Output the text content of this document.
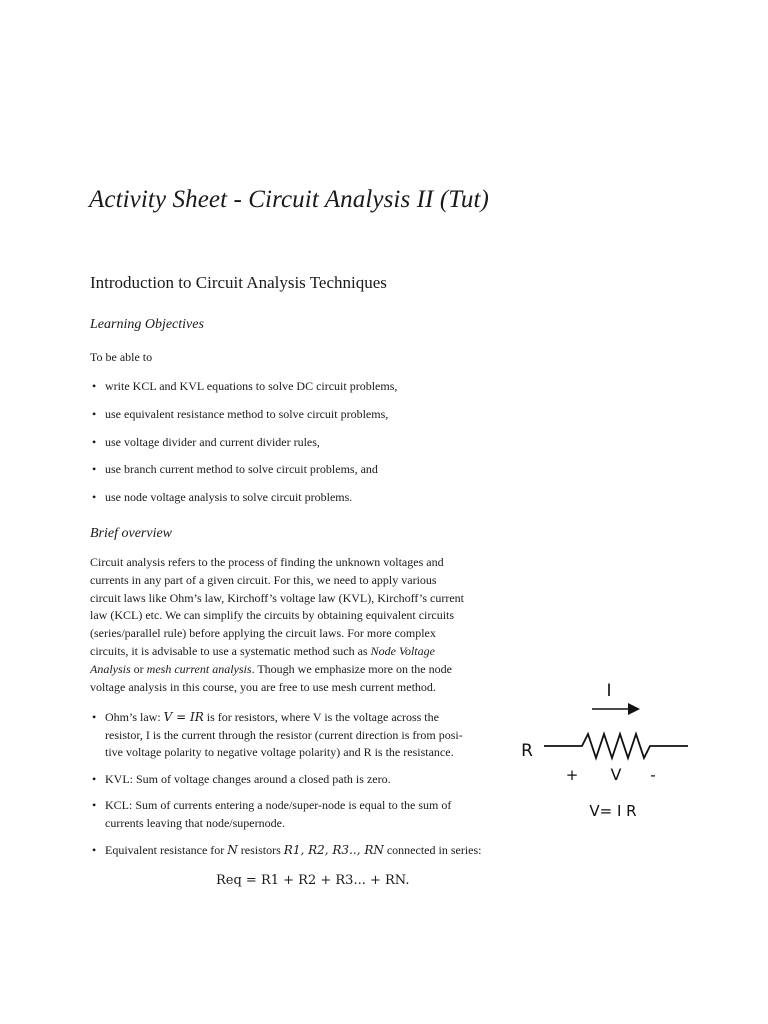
Activity Sheet - Circuit Analysis II (Tut)
Introduction to Circuit Analysis Techniques
Learning Objectives
To be able to
• write KCL and KVL equations to solve DC circuit problems,
• use equivalent resistance method to solve circuit problems,
• use voltage divider and current divider rules,
• use branch current method to solve circuit problems, and
• use node voltage analysis to solve circuit problems.
Brief overview

Circuit analysis refers to the process of finding the unknown voltages and
currents in any part of a given circuit. For this, we need to apply various
circuit laws like Ohm’s law, Kirchoff’s voltage law (KVL), Kirchoff’s current
law (KCL) etc. We can simplify the circuits by obtaining equivalent circuits
(series/parallel rule) before applying the circuit laws. For more complex
circuits, it is advisable to use a systematic method such as Node Voltage
Analysis or mesh current analysis. Though we emphasize more on the node
voltage analysis in this course, you are free to use mesh current method.

• Ohm’s law: V = IR is for resistors, where V is the voltage across the
resistor, I is the current through the resistor (current direction is from posi-
tive voltage polarity to negative voltage polarity) and R is the resistance.
• KVL: Sum of voltage changes around a closed path is zero.
• KCL: Sum of currents entering a node/super-node is equal to the sum of
currents leaving that node/supernode.
• Equivalent resistance for N resistors R1, R2, R3.., RN connected in series:
Req = R1 + R2 + R3... + RN.
I
R
+ V -
V= I R
